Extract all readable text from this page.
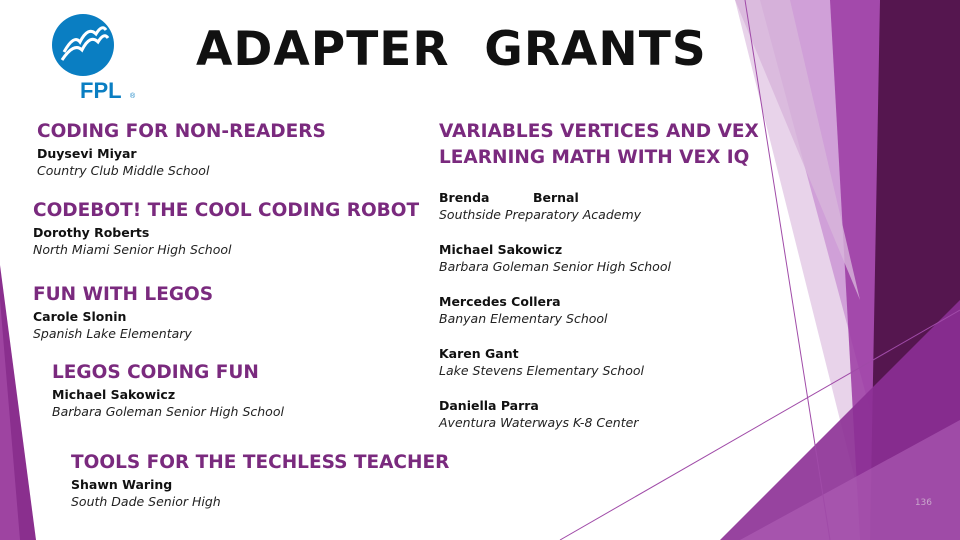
FPL ®
ADAPTER  GRANTS
CODING FOR NON-READERS
Duysevi Miyar
Country Club Middle School
CODEBOT! THE COOL CODING ROBOT
Dorothy Roberts
North Miami Senior High School
FUN WITH LEGOS
Carole Slonin
Spanish Lake Elementary
LEGOS CODING FUN
Michael Sakowicz
Barbara Goleman Senior High School
TOOLS FOR THE TECHLESS TEACHER
Shawn Waring
South Dade Senior High
VARIABLES VERTICES AND VEX
LEARNING MATH WITH VEX IQ
Brenda          Bernal
Southside Preparatory Academy
Michael Sakowicz
Barbara Goleman Senior High School
Mercedes Collera
Banyan Elementary School
Karen Gant
Lake Stevens Elementary School
Daniella Parra
Aventura Waterways K-8 Center
136
